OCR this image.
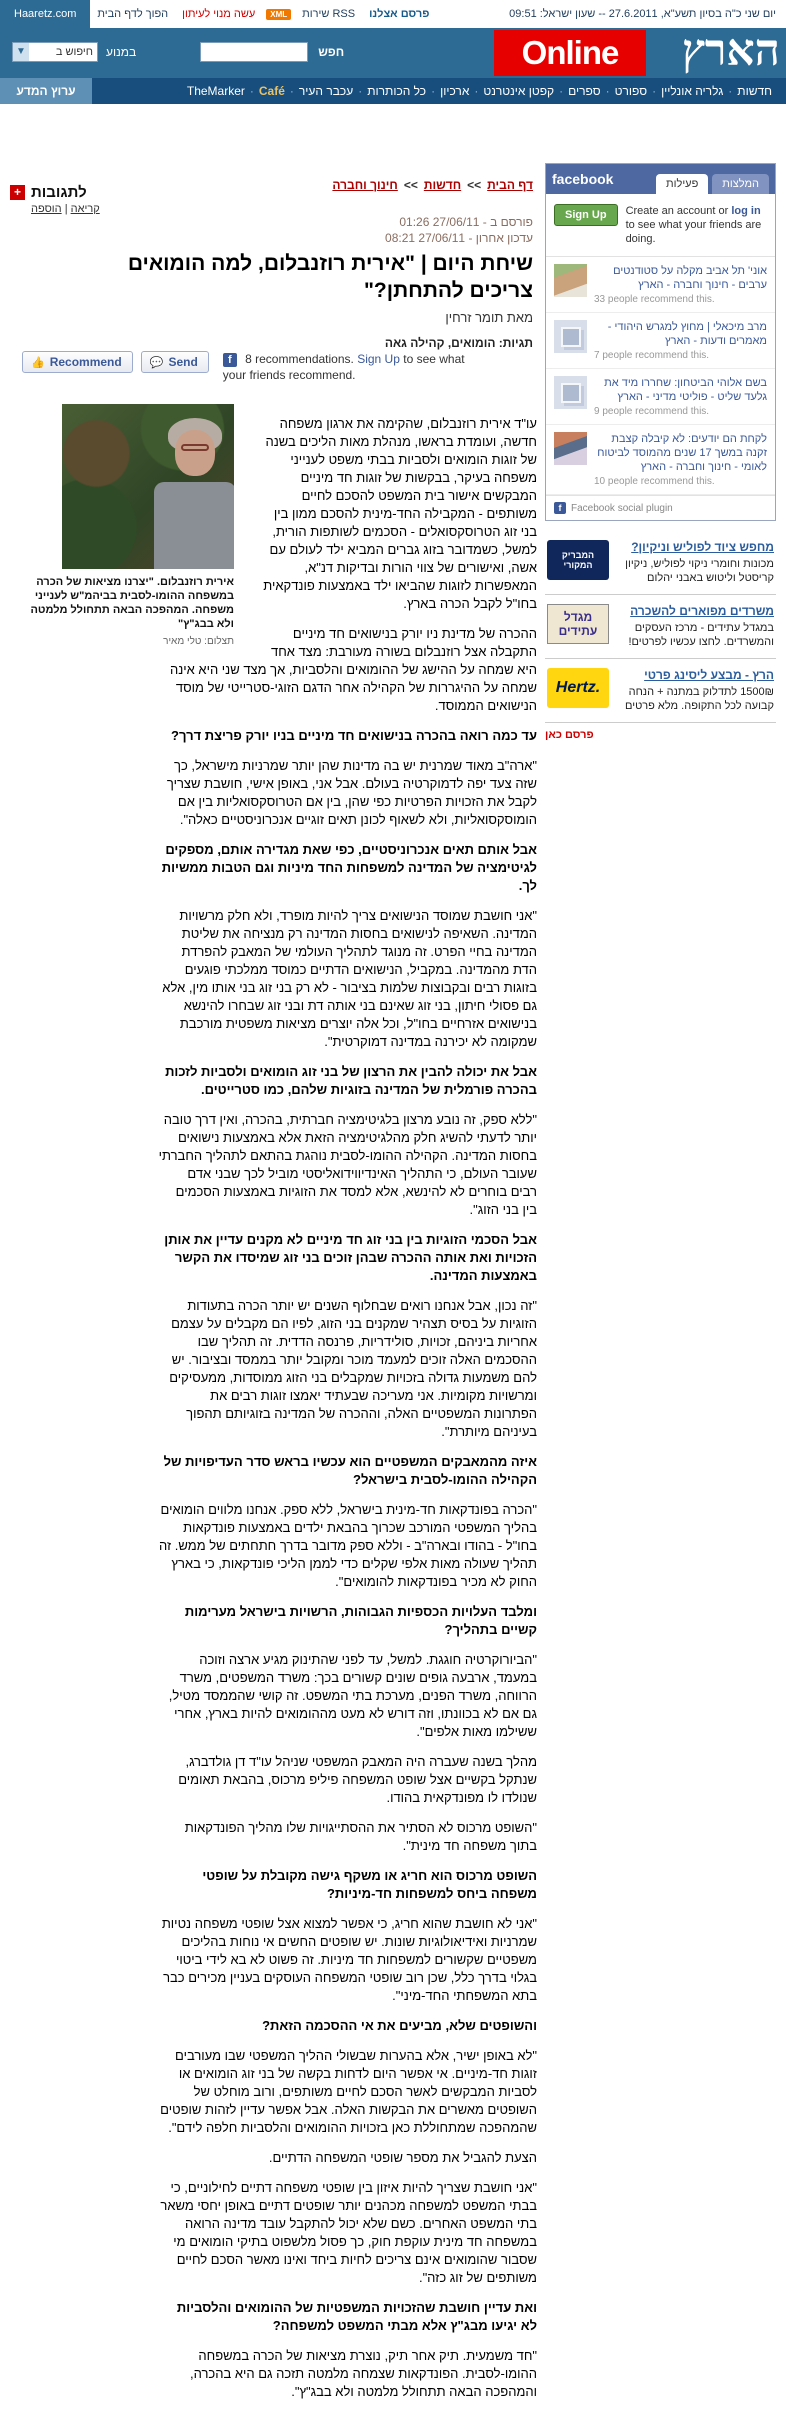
Haaretz.com	הפוך לדף הבית עשה מנוי לעיתון	XML	שירות RSS פרסם אצלנו	יום שני כ"ה בסיון תשע"א, 27.6.2011 -- שעון ישראל: 09:51
הארץ
Online
▼	חיפוש ב	במנוע	חפש
חדשות·גלריה אונליין·ספורט·ספרים·קפטן אינטרנט·ארכיון·כל הכותרות·עכבר העיר·TheMarker · Café
ערוץ המדע
דף הבית<<חדשות<<חינוך וחברה
+ לתגובות
קריאה | הוספה
פורסם ב - 27/06/11 01:26
עדכון אחרון - 27/06/11 08:21
שיחת היום | "אירית רוזנבלום, למה הומואים צריכים להתחתן?"
מאת תומר זרחין
תגיות: הומואים, קהילה גאה
👍 Recommend	💬 Send	f 8 recommendations. Sign Up to see what your friends recommend.
אירית רוזנבלום. "יצרנו מציאות של הכרה במשפחה ההומו-לסבית בביהמ"ש לענייני משפחה. המהפכה הבאה תתחולל מלמטה ולא בבג"ץ"
תצלום: טלי מאיר
עו"ד אירית רוזנבלום, שהקימה את ארגון משפחה חדשה, ועומדת בראשו, מנהלת מאות הליכים בשנה של זוגות הומואים ולסביות בבתי משפט לענייני משפחה בעיקר, בבקשות של זוגות חד מיניים המבקשים אישור בית המשפט להסכם לחיים משותפים - המקבילה החד-מינית להסכם ממון בין בני זוג הטרוסקסואלים - הסכמים לשותפות הורית, למשל, כשמדובר בזוג גברים המביא ילד לעולם עם אשה, ואישורים של צווי הורות ובדיקות דנ"א, המאפשרות לזוגות שהביאו ילד באמצעות פונדקאית בחו"ל לקבל הכרה בארץ.
ההכרה של מדינת ניו יורק בנישואים חד מיניים התקבלה אצל רוזנבלום בשורה מעורבת: מצד אחד היא שמחה על ההישג של ההומואים והלסביות, אך מצד שני היא אינה שמחה על ההיגררות של הקהילה אחר הדגם הזוגי-סטרייטי של מוסד הנישואים הממוסד.
עד כמה רואה בהכרה בנישואים חד מיניים בניו יורק פריצת דרך?
"ארה"ב מאוד שמרנית יש בה מדינות שהן יותר שמרניות מישראל, כך שזה צעד יפה לדמוקרטיה בעולם. אבל אני, באופן אישי, חושבת שצריך לקבל את הזכויות הפרטיות כפי שהן, בין אם הטרוסקסואליות בין אם הומוסקסואליות, ולא לשאוף לכונן תאים זוגיים אנכרוניסטיים כאלה".
אבל אותם תאים אנכרוניסטיים, כפי שאת מגדירה אותם, מספקים לגיטימציה של המדינה למשפחות החד מיניות וגם הטבות ממשיות לך.
"אני חושבת שמוסד הנישואים צריך להיות מופרד, ולא חלק מרשויות המדינה. השאיפה לנישואים בחסות המדינה רק מנציחה את שליטת המדינה בחיי הפרט. זה מנוגד לתהליך העולמי של המאבק להפרדת הדת מהמדינה. במקביל, הנישואים הדתיים כמוסד ממלכתי פוגעים בזוגות רבים ובקבוצות שלמות בציבור - לא רק בני זוג בני אותו מין, אלא גם פסולי חיתון, בני זוג שאינם בני אותה דת ובני זוג שבחרו להינשא בנישואים אזרחיים בחו"ל, וכל אלה יוצרים מציאות משפטית מורכבת שמקומה לא יכירנה במדינה דמוקרטית".
אבל את יכולה להבין את הרצון של בני זוג הומואים ולסביות לזכות בהכרה פורמלית של המדינה בזוגיות שלהם, כמו סטרייטים.
"ללא ספק, זה נובע מרצון בלגיטימציה חברתית, בהכרה, ואין דרך טובה יותר לדעתי להשיג חלק מהלגיטימציה הזאת אלא באמצעות נישואים בחסות המדינה. הקהילה ההומו-לסבית נוהגת בהתאם לתהליך החברתי שעובר העולם, כי התהליך האינדיווידואליסטי מוביל לכך שבני אדם רבים בוחרים לא להינשא, אלא למסד את הזוגיות באמצעות הסכמים בין בני הזוג".
אבל הסכמי הזוגיות בין בני זוג חד מיניים לא מקנים עדיין את אותן הזכויות ואת אותה ההכרה שבהן זוכים בני זוג שמיסדו את הקשר באמצעות המדינה.
"זה נכון, אבל אנחנו רואים שבחלוף השנים יש יותר הכרה בתעודות הזוגיות על בסיס תצהיר שמקנים בני הזוג, לפיו הם מקבלים על עצמם אחריות ביניהם, זכויות, סולידריות, פרנסה הדדית. זה תהליך שבו ההסכמים האלה זוכים למעמד מוכר ומקובל יותר בממסד ובציבור. יש להם משמעות גדולה בזכויות שמקבלים בני הזוג ממוסדות, ממעסיקים ומרשויות מקומיות. אני מעריכה שבעתיד יאמצו זוגות רבים את הפתרונות המשפטיים האלה, וההכרה של המדינה בזוגיותם תהפוך בעיניהם מיותרת".
איזה מהמאבקים המשפטיים הוא עכשיו בראש סדר העדיפויות של הקהילה ההומו-לסבית בישראל?
"הכרה בפונדקאות חד-מינית בישראל, ללא ספק. אנחנו מלווים הומואים בהליך המשפטי המורכב שכרוך בהבאת ילדים באמצעות פונדקאות בחו"ל - בהודו ובארה"ב - וללא ספק מדובר בדרך חתחתים של ממש. זה תהליך שעולה מאות אלפי שקלים כדי לממן הליכי פונדקאות, כי בארץ החוק לא מכיר בפונדקאות להומואים".
ומלבד העלויות הכספיות הגבוהות, הרשויות בישראל מערימות קשיים בתהליך?
"הביורוקרטיה חוגגת. למשל, עד לפני שהתינוק מגיע ארצה וזוכה במעמד, ארבעה גופים שונים קשורים בכך: משרד המשפטים, משרד הרווחה, משרד הפנים, מערכת בתי המשפט. זה קושי שהממסד מטיל, גם אם לא בכוונתו, וזה דורש לא מעט מההומואים להיות בארץ, אחרי ששילמו מאות אלפים".
מהלך בשנה שעברה היה המאבק המשפטי שניהל עו"ד דן גולדברג, שנתקל בקשיים אצל שופט המשפחה פיליפ מרכוס, בהבאת תאומים שנולדו לו מפונדקאית בהודו.
"השופט מרכוס לא הסתיר את ההסתייגויות שלו מהליך הפונדקאות בתוך משפחה חד מינית".
השופט מרכוס הוא חריג או משקף גישה מקובלת על שופטי משפחה ביחס למשפחות חד-מיניות?
"אני לא חושבת שהוא חריג, כי אפשר למצוא אצל שופטי משפחה נטיות שמרניות ואידיאולוגיות שונות. יש שופטים החשים אי נוחות בהליכים משפטיים שקשורים למשפחות חד מיניות. זה פשוט לא בא לידי ביטוי בגלוי בדרך כלל, שכן רוב שופטי המשפחה העוסקים בעניין מכירים כבר בתא המשפחתי החד-מיני".
והשופטים שלא, מביעים את אי ההסכמה הזאת?
"לא באופן ישיר, אלא בהערות שבשולי ההליך המשפטי שבו מעורבים זוגות חד-מיניים. אי אפשר היום לדחות בקשה של בני זוג הומואים או לסביות המבקשים לאשר הסכם לחיים משותפים, ורוב מוחלט של השופטים מאשרים את הבקשות האלה. אבל אפשר עדיין לזהות שופטים שהמהפכה שמתחוללת כאן בזכויות ההומואים והלסביות חלפה לידם".
הצעת להגביל את מספר שופטי המשפחה הדתיים.
"אני חושבת שצריך להיות איזון בין שופטי משפחה דתיים לחילוניים, כי בבתי המשפט למשפחה מכהנים יותר שופטים דתיים באופן יחסי משאר בתי המשפט האחרים. כשם שלא יכול להתקבל עובד מדינה הרואה במשפחה חד מינית עוקפת חוק, כך פסול מלשפוט בתיקי הומואים מי שסבור שהומואים אינם צריכים לחיות ביחד ואינו מאשר הסכם לחיים משותפים של זוג כזה".
ואת עדיין חושבת שהזכויות המשפטיות של ההומואים והלסביות לא יגיעו מבג"ץ אלא מבתי המשפט למשפחה?
"חד משמעית. תיק אחר תיק, נוצרת מציאות של הכרה במשפחה ההומו-לסבית. הפונדקאות שצמחה מלמטה תזכה גם היא בהכרה, והמהפכה הבאה תתחולל מלמטה ולא בבג"ץ".
הארץ @ facebook	פעילות	המלצות
Sign Up	Create an account or log in to see what your friends are doing.
אוני' תל אביב מקלה על סטודנטים ערבים - חינוך וחברה - הארץ
33 people recommend this.
מרב מיכאלי | מחוץ למגרש היהודי - מאמרים ודעות - הארץ
7 people recommend this.
בשם אלוהי הביטחון: שחררו מיד את גלעד שליט - פוליטי מדיני - הארץ
9 people recommend this.
לקחת הם יודעים: לא קיבלה קצבת זקנה במשך 17 שנים מהמוסד לביטוח לאומי - חינוך וחברה - הארץ
10 people recommend this.
f Facebook social plugin
המבריק המקורי
מחפש ציוד לפוליש וניקיון?
מכונות וחומרי ניקוי לפוליש, ניקיון קריסטל וליטוש באבני יהלום
מגדל עתידים
משרדים מפוארים להשכרה
במגדל עתידים - מרכז העסקים והמשרדים. לחצו עכשיו לפרטים!
Hertz.
הרץ - מבצע ליסינג פרטי
1500₪ לתדלוק במתנה + הנחה קבועה לכל התקופה. מלא פרטים
פרסם כאן
